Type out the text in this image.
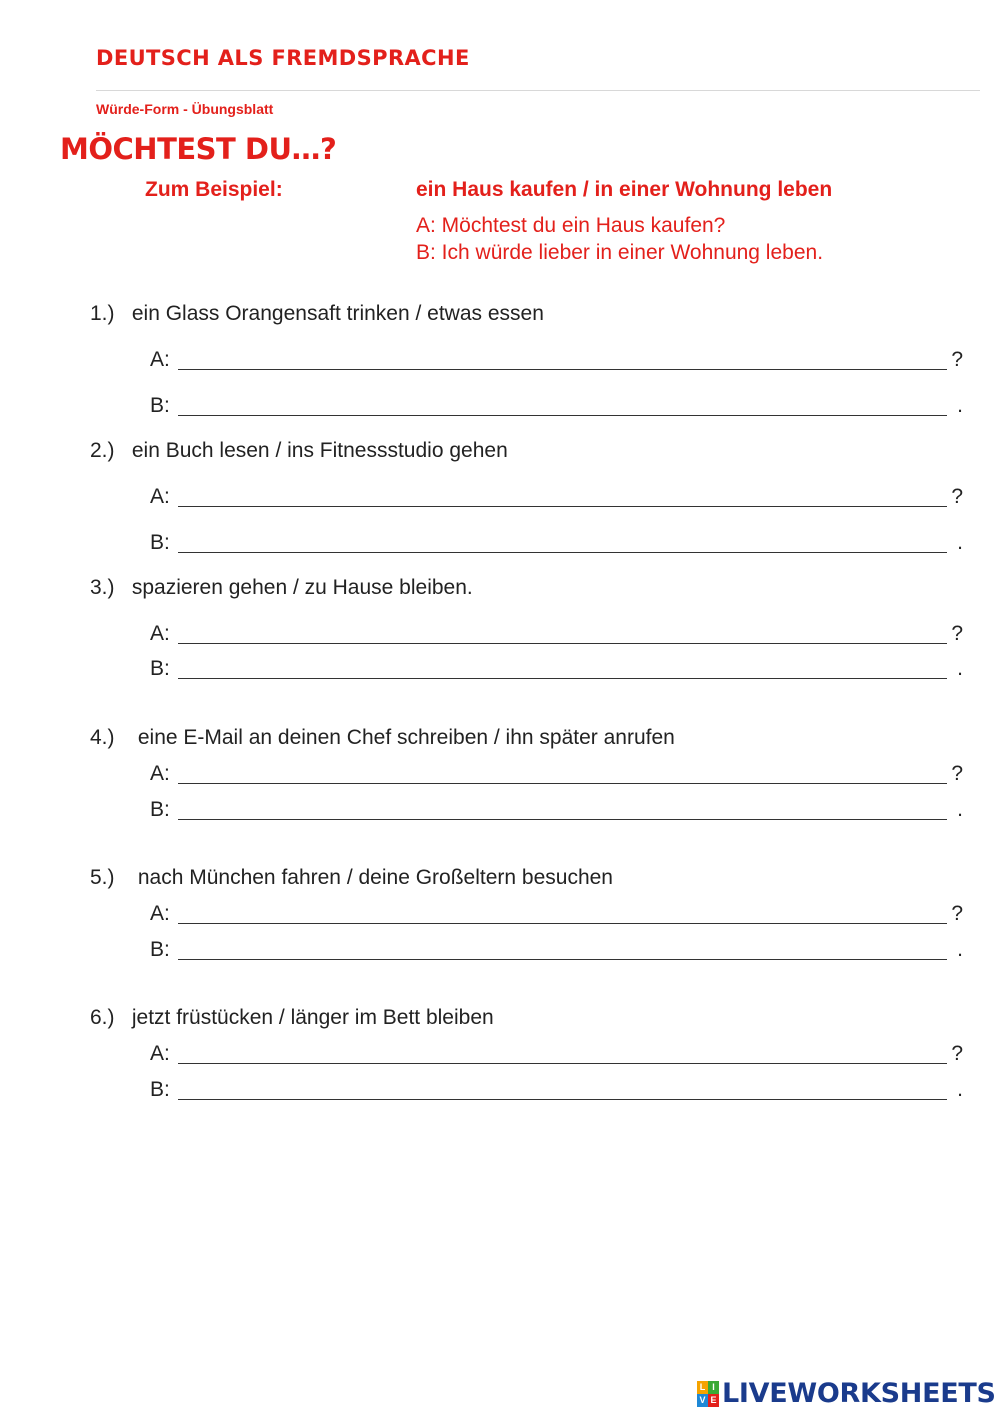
DEUTSCH ALS FREMDSPRACHE
Würde-Form - Übungsblatt
MÖCHTEST DU…?
Zum Beispiel:	ein Haus kaufen / in einer Wohnung leben
A: Möchtest du ein Haus kaufen?
B: Ich würde lieber in einer Wohnung leben.
1.) ein Glass Orangensaft trinken / etwas essen
A:	?
B:	.
2.) ein Buch lesen / ins Fitnessstudio gehen
A:	?
B:	.
3.) spazieren gehen / zu Hause bleiben.
A:	?
B:	.
4.) eine E-Mail an deinen Chef schreiben / ihn später anrufen
A:	?
B:	.
5.) nach München fahren / deine Großeltern besuchen
A:	?
B:	.
6.) jetzt früstücken / länger im Bett bleiben
A:	?
B:	.
L I
V E LIVEWORKSHEETS
